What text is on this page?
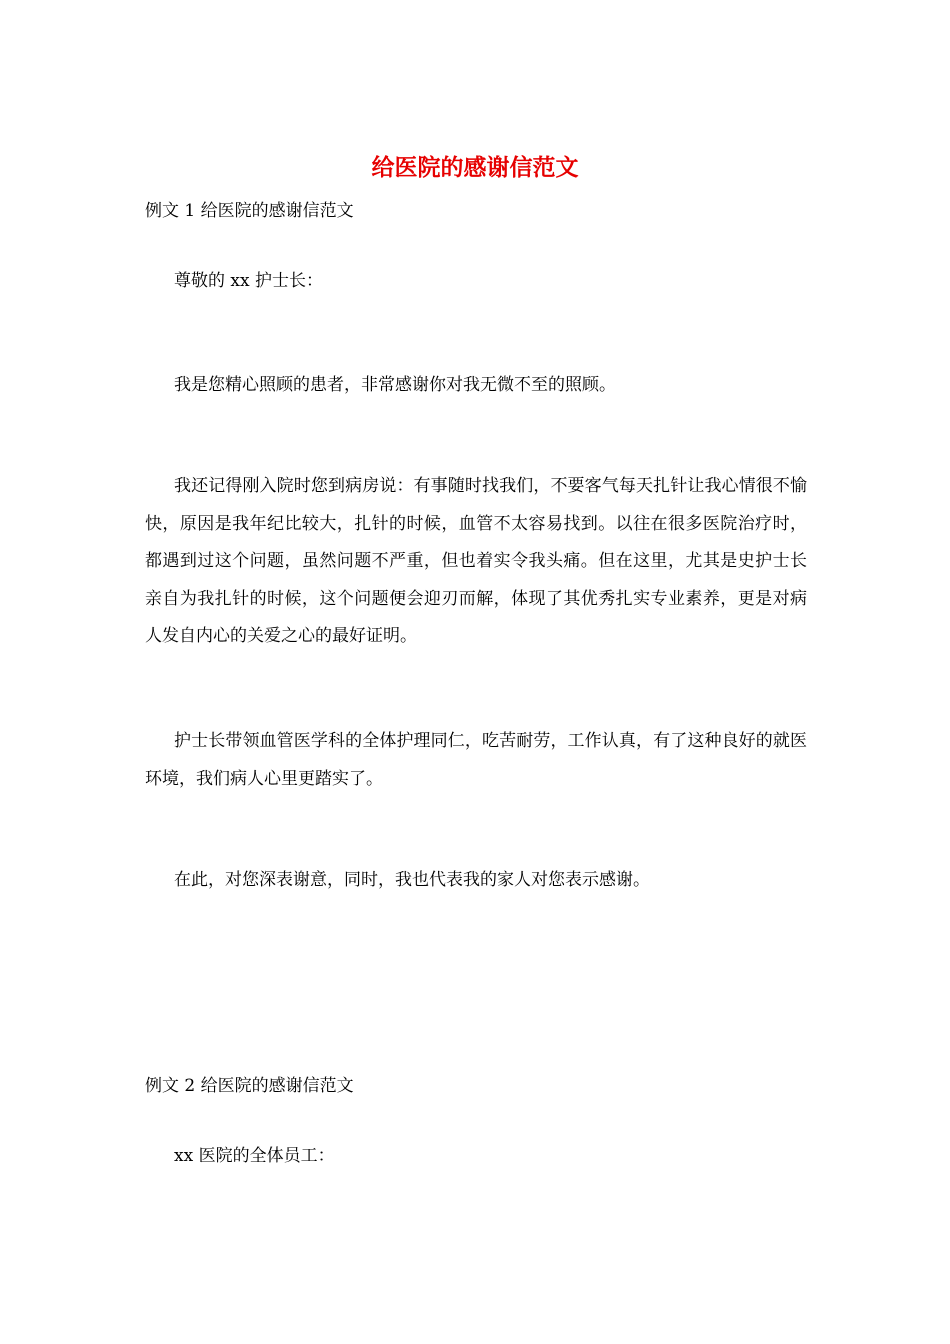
给医院的感谢信范文

例文 1 给医院的感谢信范文

尊敬的 xx 护士长：

我是您精心照顾的患者，非常感谢你对我无微不至的照顾。

我还记得刚入院时您到病房说：有事随时找我们，不要客气每天扎针让我心情很不愉快，原因是我年纪比较大，扎针的时候，血管不太容易找到。以往在很多医院治疗时，都遇到过这个问题，虽然问题不严重，但也着实令我头痛。但在这里，尤其是史护士长亲自为我扎针的时候，这个问题便会迎刃而解，体现了其优秀扎实专业素养，更是对病人发自内心的关爱之心的最好证明。

护士长带领血管医学科的全体护理同仁，吃苦耐劳，工作认真，有了这种良好的就医环境，我们病人心里更踏实了。

在此，对您深表谢意，同时，我也代表我的家人对您表示感谢。

例文 2 给医院的感谢信范文

xx 医院的全体员工：
